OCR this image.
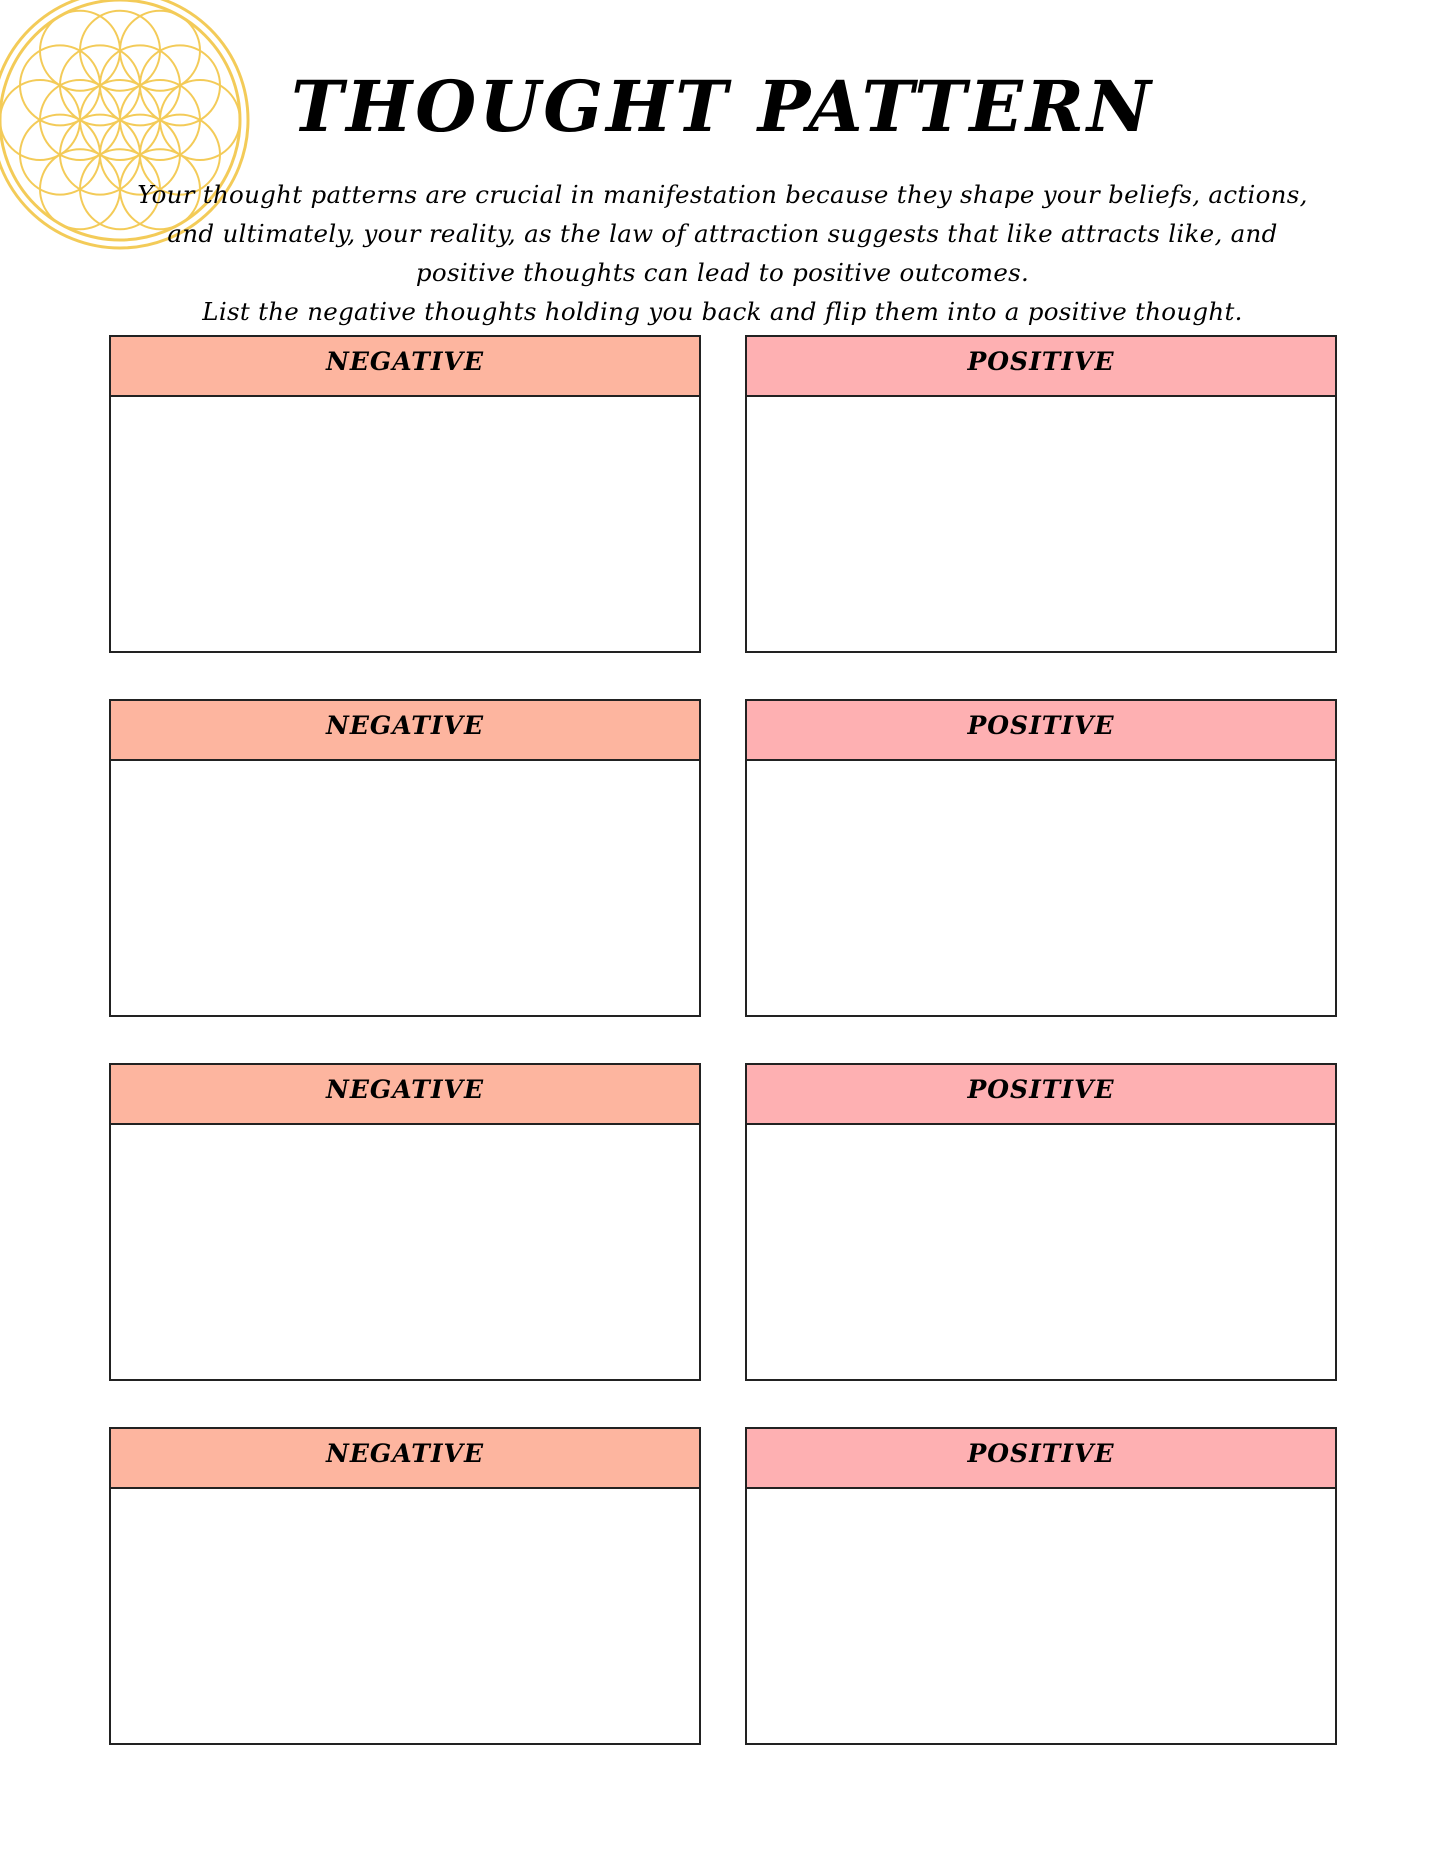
THOUGHT PATTERN

Your thought patterns are crucial in manifestation because they shape your beliefs, actions,

and ultimately, your reality, as the law of attraction suggests that like attracts like, and

positive thoughts can lead to positive outcomes.

List the negative thoughts holding you back and flip them into a positive thought.

NEGATIVE	POSITIVE
NEGATIVE	POSITIVE
NEGATIVE	POSITIVE
NEGATIVE	POSITIVE
